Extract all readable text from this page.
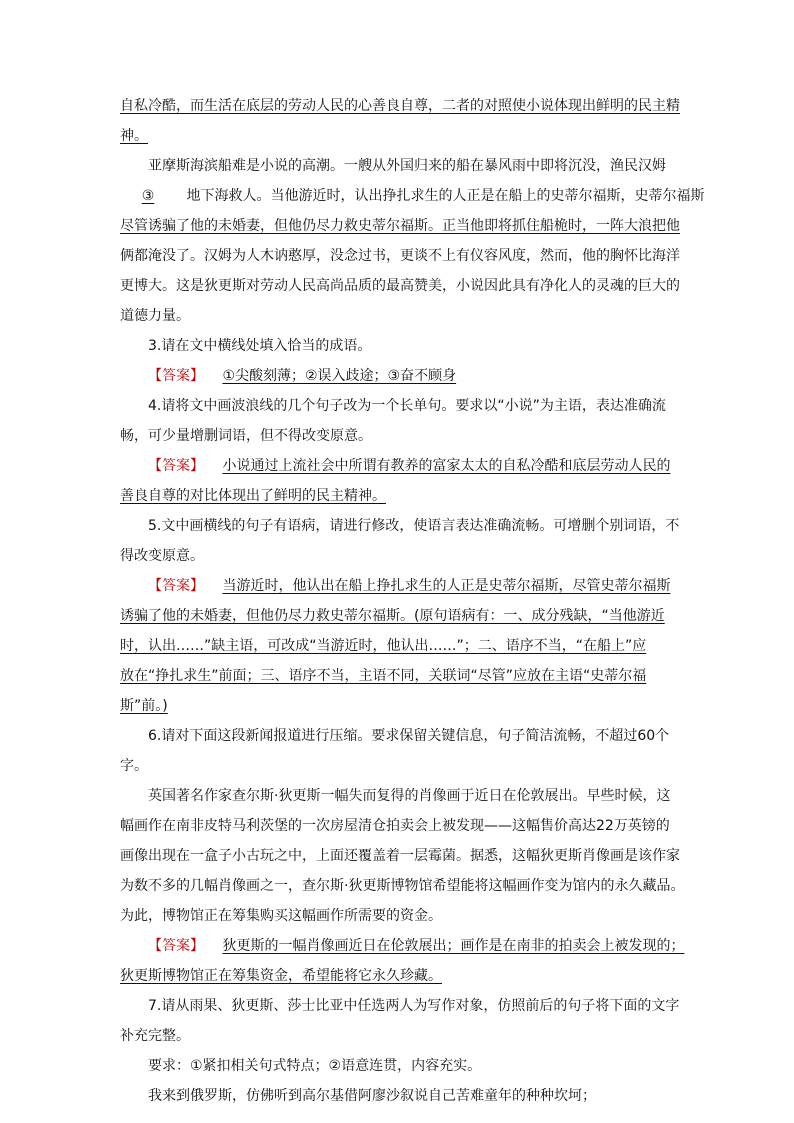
自私冷酷，而生活在底层的劳动人民的心善良自尊，二者的对照使小说体现出鲜明的民主精
神。
亚摩斯海滨船难是小说的高潮。一艘从外国归来的船在暴风雨中即将沉没，渔民汉姆
③ 地下海救人。当他游近时，认出挣扎求生的人正是在船上的史蒂尔福斯，史蒂尔福斯
尽管诱骗了他的未婚妻，但他仍尽力救史蒂尔福斯。正当他即将抓住船桅时，一阵大浪把他
俩都淹没了。汉姆为人木讷憨厚，没念过书，更谈不上有仪容风度，然而，他的胸怀比海洋
更博大。这是狄更斯对劳动人民高尚品质的最高赞美，小说因此具有净化人的灵魂的巨大的
道德力量。
3.请在文中横线处填入恰当的成语。
【答案】 ①尖酸刻薄；②误入歧途；③奋不顾身
4.请将文中画波浪线的几个句子改为一个长单句。要求以“小说”为主语，表达准确流
畅，可少量增删词语，但不得改变原意。
【答案】 小说通过上流社会中所谓有教养的富家太太的自私冷酷和底层劳动人民的
善良自尊的对比体现出了鲜明的民主精神。
5.文中画横线的句子有语病，请进行修改，使语言表达准确流畅。可增删个别词语，不
得改变原意。
【答案】 当游近时，他认出在船上挣扎求生的人正是史蒂尔福斯，尽管史蒂尔福斯
诱骗了他的未婚妻，但他仍尽力救史蒂尔福斯。(原句语病有：一、成分残缺，“当他游近
时，认出……”缺主语，可改成“当游近时，他认出……”；二、语序不当，“在船上”应
放在“挣扎求生”前面；三、语序不当，主语不同，关联词“尽管”应放在主语“史蒂尔福
斯”前。)
6.请对下面这段新闻报道进行压缩。要求保留关键信息，句子简洁流畅，不超过60个
字。
英国著名作家查尔斯·狄更斯一幅失而复得的肖像画于近日在伦敦展出。早些时候，这
幅画作在南非皮特马利茨堡的一次房屋清仓拍卖会上被发现——这幅售价高达22万英镑的
画像出现在一盒子小古玩之中，上面还覆盖着一层霉菌。据悉，这幅狄更斯肖像画是该作家
为数不多的几幅肖像画之一，查尔斯·狄更斯博物馆希望能将这幅画作变为馆内的永久藏品。
为此，博物馆正在筹集购买这幅画作所需要的资金。
【答案】 狄更斯的一幅肖像画近日在伦敦展出；画作是在南非的拍卖会上被发现的；
狄更斯博物馆正在筹集资金，希望能将它永久珍藏。
7.请从雨果、狄更斯、莎士比亚中任选两人为写作对象，仿照前后的句子将下面的文字
补充完整。
要求：①紧扣相关句式特点；②语意连贯，内容充实。
我来到俄罗斯，仿佛听到高尔基借阿廖沙叙说自己苦难童年的种种坎坷；
